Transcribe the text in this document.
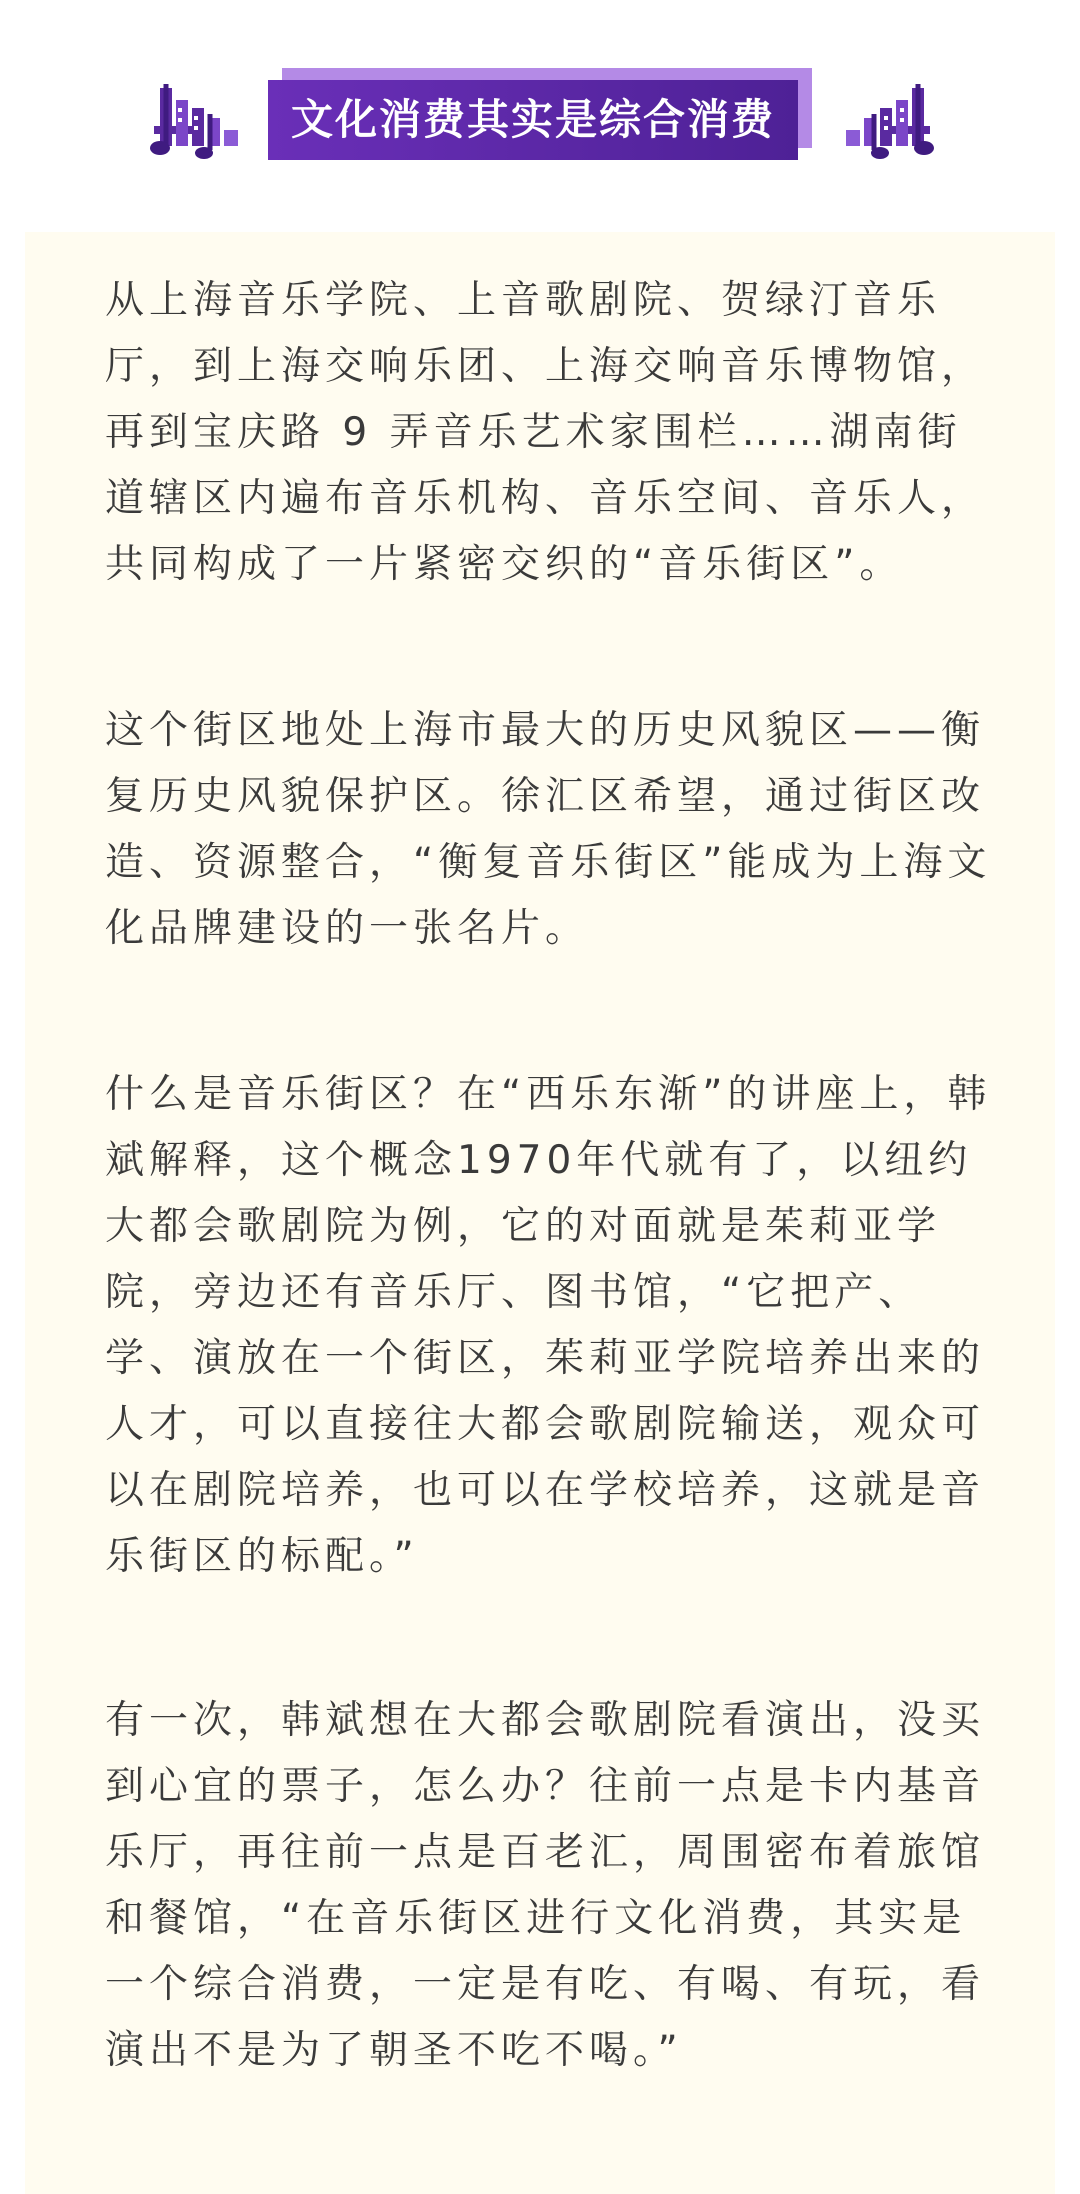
文化消费其实是综合消费

从上海音乐学院、上音歌剧院、贺绿汀音乐
厅，到上海交响乐团、上海交响音乐博物馆，
再到宝庆路 9 弄音乐艺术家围栏……湖南街
道辖区内遍布音乐机构、音乐空间、音乐人，
共同构成了一片紧密交织的“音乐街区”。

这个街区地处上海市最大的历史风貌区——衡
复历史风貌保护区。徐汇区希望，通过街区改
造、资源整合，“衡复音乐街区”能成为上海文
化品牌建设的一张名片。

什么是音乐街区？在“西乐东渐”的讲座上，韩
斌解释，这个概念1970年代就有了，以纽约
大都会歌剧院为例，它的对面就是茱莉亚学
院，旁边还有音乐厅、图书馆，“它把产、
学、演放在一个街区，茱莉亚学院培养出来的
人才，可以直接往大都会歌剧院输送，观众可
以在剧院培养，也可以在学校培养，这就是音
乐街区的标配。”

有一次，韩斌想在大都会歌剧院看演出，没买
到心宜的票子，怎么办？往前一点是卡内基音
乐厅，再往前一点是百老汇，周围密布着旅馆
和餐馆，“在音乐街区进行文化消费，其实是
一个综合消费，一定是有吃、有喝、有玩，看
演出不是为了朝圣不吃不喝。”
